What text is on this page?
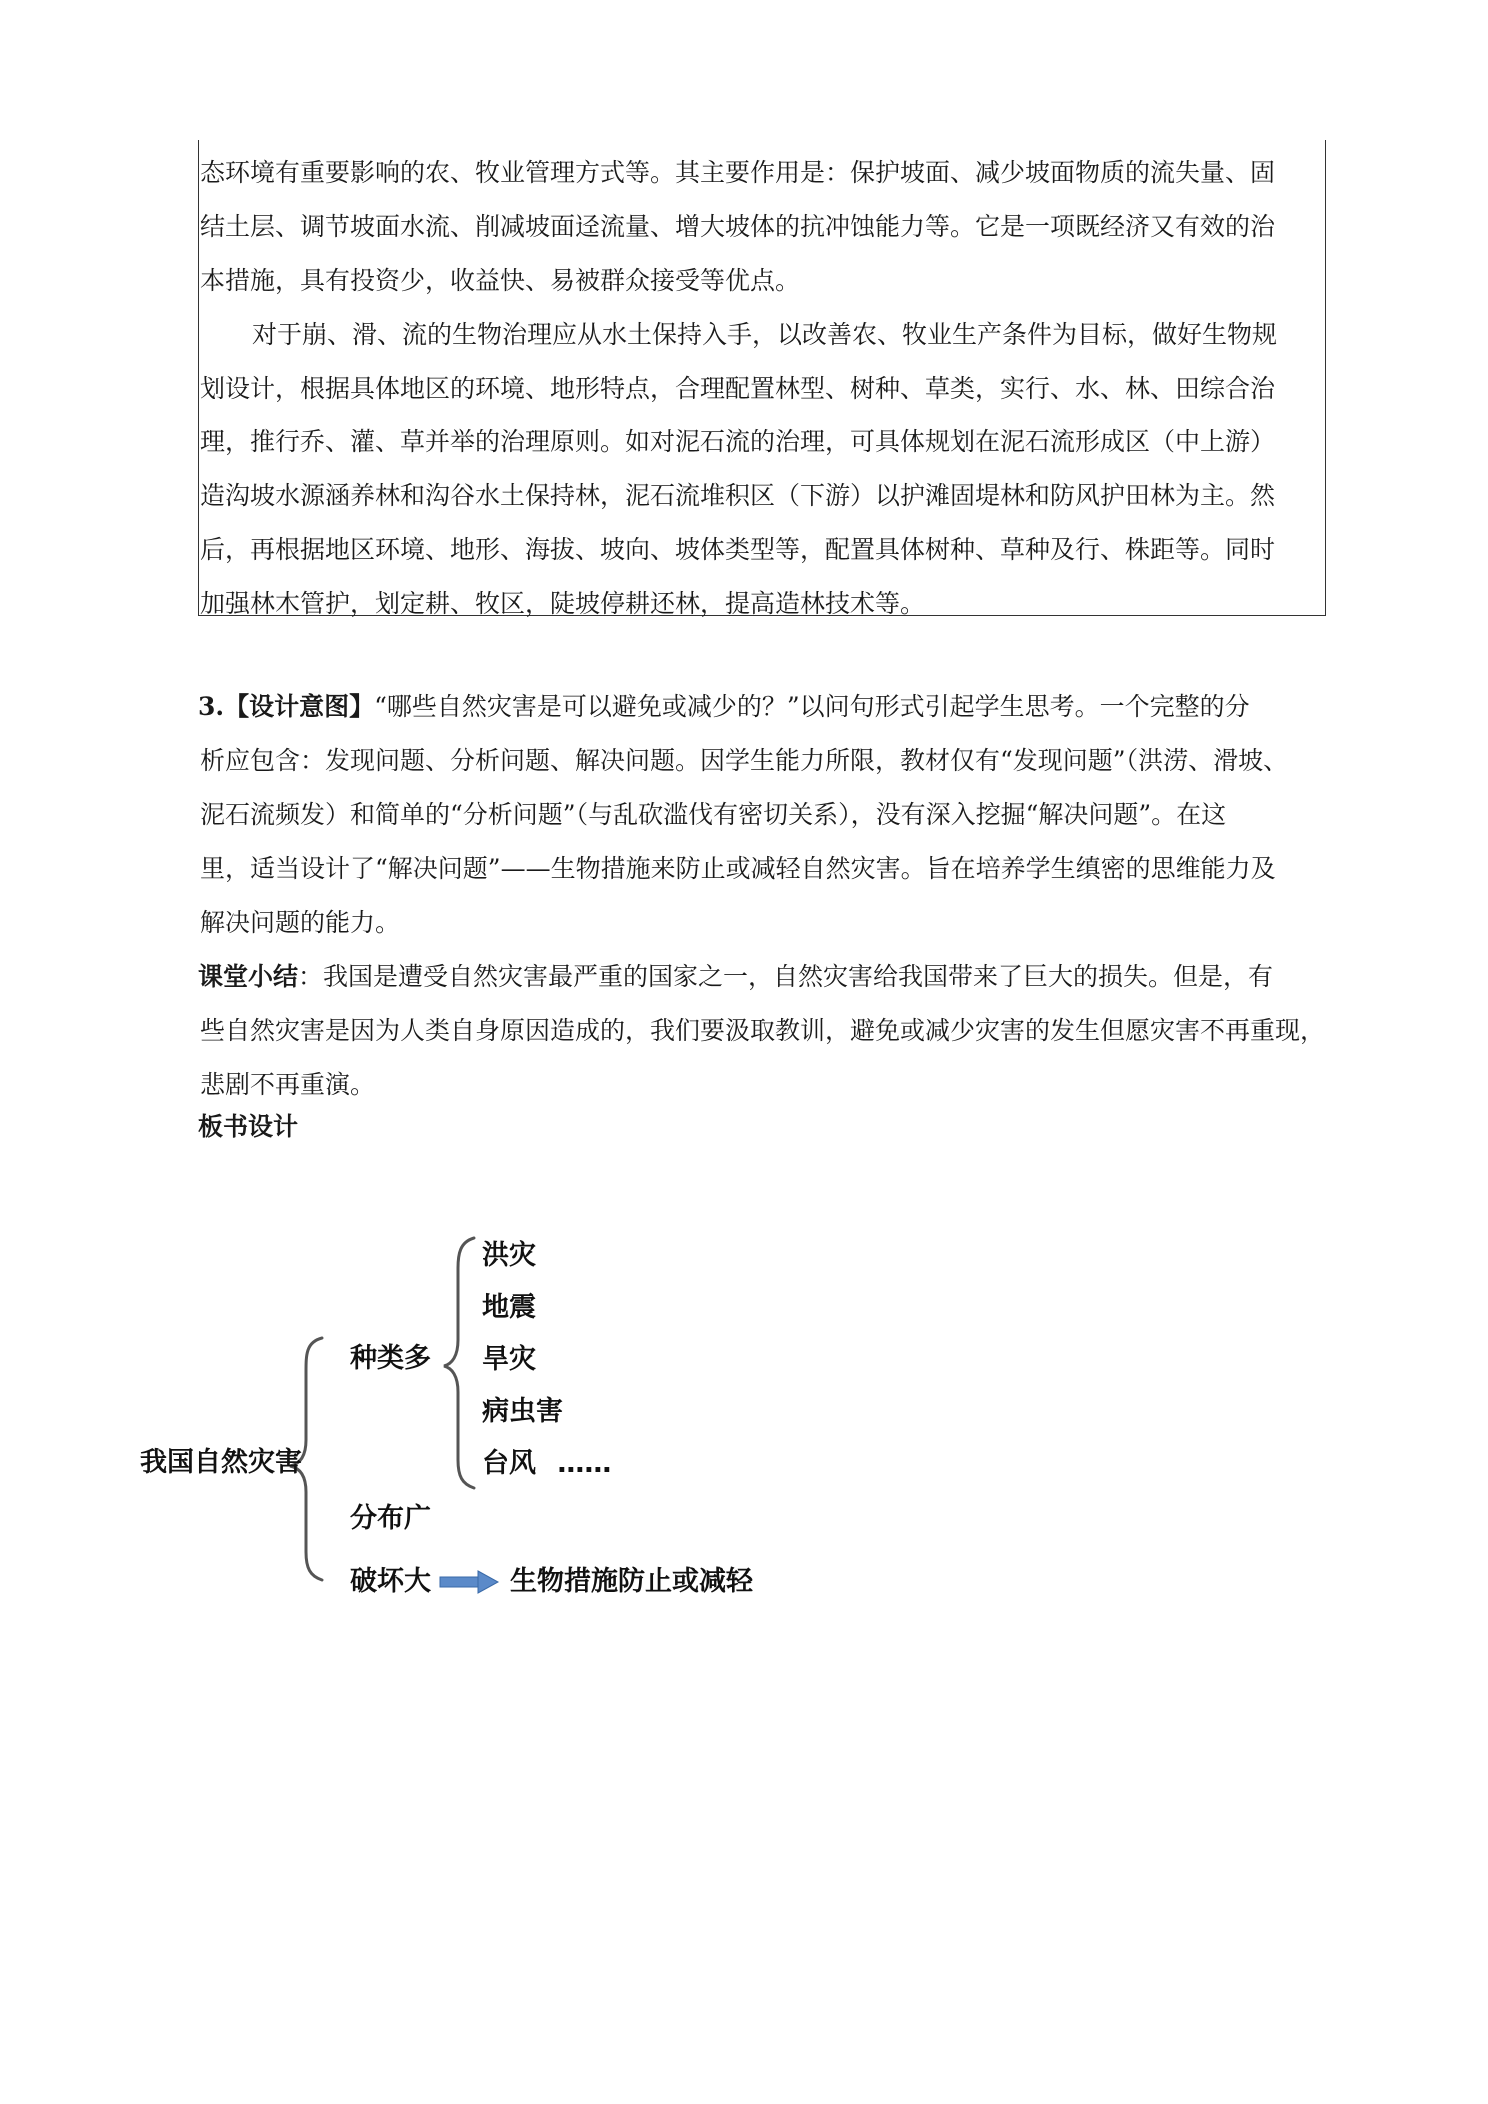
态环境有重要影响的农、牧业管理方式等。其主要作用是：保护坡面、减少坡面物质的流失量、固
结土层、调节坡面水流、削减坡面迳流量、增大坡体的抗冲蚀能力等。它是一项既经济又有效的治
本措施，具有投资少，收益快、易被群众接受等优点。
对于崩、滑、流的生物治理应从水土保持入手，以改善农、牧业生产条件为目标，做好生物规
划设计，根据具体地区的环境、地形特点，合理配置林型、树种、草类，实行、水、林、田综合治
理，推行乔、灌、草并举的治理原则。如对泥石流的治理，可具体规划在泥石流形成区（中上游）
造沟坡水源涵养林和沟谷水土保持林，泥石流堆积区（下游）以护滩固堤林和防风护田林为主。然
后，再根据地区环境、地形、海拔、坡向、坡体类型等，配置具体树种、草种及行、株距等。同时
加强林木管护，划定耕、牧区，陡坡停耕还林，提高造林技术等。
3.【设计意图】“哪些自然灾害是可以避免或减少的？”以问句形式引起学生思考。一个完整的分
析应包含：发现问题、分析问题、解决问题。因学生能力所限，教材仅有“发现问题”（洪涝、滑坡、
泥石流频发）和简单的“分析问题”（与乱砍滥伐有密切关系），没有深入挖掘“解决问题”。在这
里，适当设计了“解决问题”——生物措施来防止或减轻自然灾害。旨在培养学生缜密的思维能力及
解决问题的能力。
课堂小结：我国是遭受自然灾害最严重的国家之一，自然灾害给我国带来了巨大的损失。但是，有
些自然灾害是因为人类自身原因造成的，我们要汲取教训，避免或减少灾害的发生但愿灾害不再重现，
悲剧不再重演。
板书设计
我国自然灾害
种类多
洪灾
地震
旱灾
病虫害
台风 ……
分布广
破坏大	生物措施防止或减轻
